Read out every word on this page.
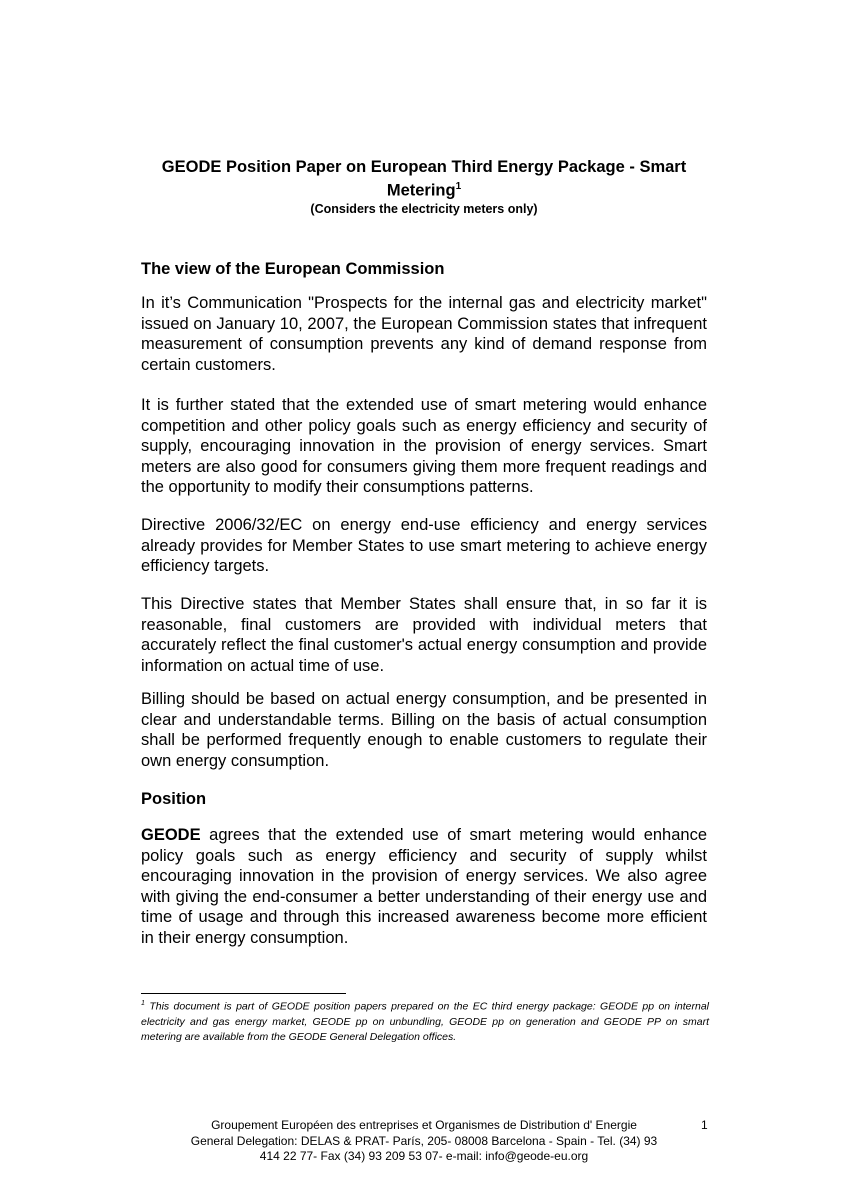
GEODE Position Paper on European Third Energy Package - Smart Metering$^1$
(Considers the electricity meters only)
The view of the European Commission
In it’s Communication "Prospects for the internal gas and electricity market" issued on January 10, 2007, the European Commission states that infrequent measurement of consumption prevents any kind of demand response from certain customers.
It is further stated that the extended use of smart metering would enhance competition and other policy goals such as energy efficiency and security of supply, encouraging innovation in the provision of energy services. Smart meters are also good for consumers giving them more frequent readings and the opportunity to modify their consumptions patterns.
Directive 2006/32/EC on energy end-use efficiency and energy services already provides for Member States to use smart metering to achieve energy efficiency targets.
This Directive states that Member States shall ensure that, in so far it is reasonable, final customers are provided with individual meters that accurately reflect the final customer's actual energy consumption and provide information on actual time of use.
Billing should be based on actual energy consumption, and be presented in clear and understandable terms. Billing on the basis of actual consumption shall be performed frequently enough to enable customers to regulate their own energy consumption.
Position
GEODE agrees that the extended use of smart metering would enhance policy goals such as energy efficiency and security of supply whilst encouraging innovation in the provision of energy services. We also agree with giving the end-consumer a better understanding of their energy use and time of usage and through this increased awareness become more efficient in their energy consumption.
$^1$ This document is part of GEODE position papers prepared on the EC third energy package: GEODE pp on internal electricity and gas energy market, GEODE pp on unbundling, GEODE pp on generation and GEODE PP on smart metering are available from the GEODE General Delegation offices.
Groupement Européen des entreprises et Organismes de Distribution d' Energie
General Delegation: DELAS & PRAT- París, 205- 08008 Barcelona - Spain - Tel. (34) 93
414 22 77- Fax (34) 93 209 53 07- e-mail: info@geode-eu.org
1
